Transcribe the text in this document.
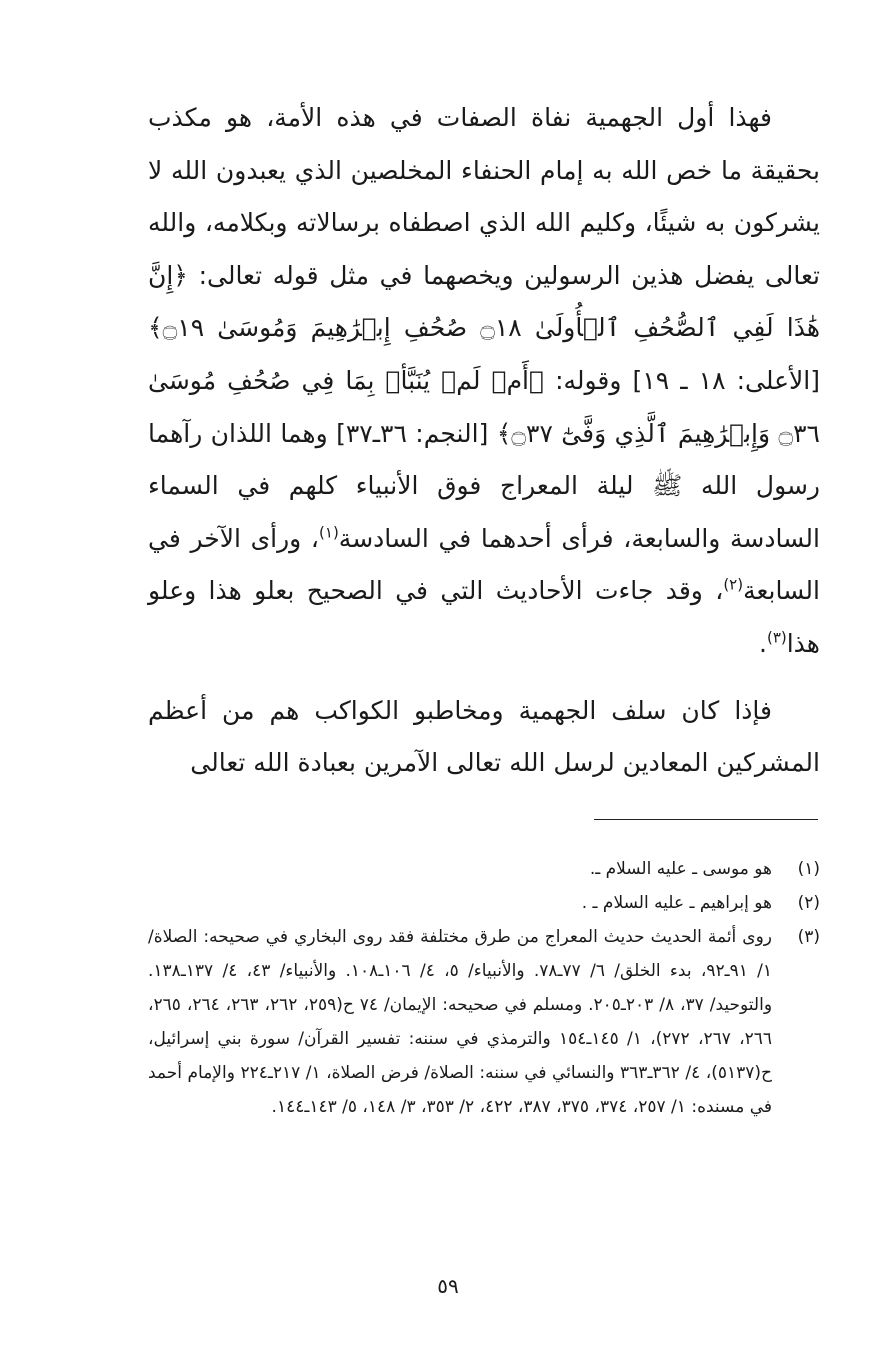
فهذا أول الجهمية نفاة الصفات في هذه الأمة، هو مكذب بحقيقة ما خص الله به إمام الحنفاء المخلصين الذي يعبدون الله لا يشركون به شيئًا، وكليم الله الذي اصطفاه برسالاته وبكلامه، والله تعالى يفضل هذين الرسولين ويخصهما في مثل قوله تعالى: ﴿إِنَّ هَٰذَا لَفِي ٱلصُّحُفِ ٱلۡأُولَىٰ ۝١٨ صُحُفِ إِبۡرَٰهِيمَ وَمُوسَىٰ ۝١٩﴾ [الأعلى: ١٨ ـ ١٩] وقوله: ﴿أَمۡ لَمۡ يُنَبَّأۡ بِمَا فِي صُحُفِ مُوسَىٰ ۝٣٦ وَإِبۡرَٰهِيمَ ٱلَّذِي وَفَّىٰٓ ۝٣٧﴾ [النجم: ٣٦ـ٣٧] وهما اللذان رآهما رسول الله ﷺ ليلة المعراج فوق الأنبياء كلهم في السماء السادسة والسابعة، فرأى أحدهما في السادسة$^{(١)}$، ورأى الآخر في السابعة$^{(٢)}$، وقد جاءت الأحاديث التي في الصحيح بعلو هذا وعلو هذا$^{(٣)}$.

فإذا كان سلف الجهمية ومخاطبو الكواكب هم من أعظم المشركين المعادين لرسل الله تعالى الآمرين بعبادة الله تعالى

(١)
هو موسى ـ عليه السلام ـ.
(٢)
هو إبراهيم ـ عليه السلام ـ .
(٣)
روى أئمة الحديث حديث المعراج من طرق مختلفة فقد روى البخاري في صحيحه: الصلاة/ ١/ ٩١ـ٩٢، بدء الخلق/ ٦/ ٧٧ـ٧٨. والأنبياء/ ٥، ٤/ ١٠٦ـ١٠٨. والأنبياء/ ٤٣، ٤/ ١٣٧ـ١٣٨. والتوحيد/ ٣٧، ٨/ ٢٠٣ـ٢٠٥. ومسلم في صحيحه: الإيمان/ ٧٤ ح(٢٥٩، ٢٦٢، ٢٦٣، ٢٦٤، ٢٦٥، ٢٦٦، ٢٦٧، ٢٧٢)، ١/ ١٤٥ـ١٥٤ والترمذي في سننه: تفسير القرآن/ سورة بني إسرائيل، ح(٥١٣٧)، ٤/ ٣٦٢ـ٣٦٣ والنسائي في سننه: الصلاة/ فرض الصلاة، ١/ ٢١٧ـ٢٢٤ والإمام أحمد في مسنده: ١/ ٢٥٧، ٣٧٤، ٣٧٥، ٣٨٧، ٤٢٢، ٢/ ٣٥٣، ٣/ ١٤٨، ٥/ ١٤٣ـ١٤٤.
٥٩
